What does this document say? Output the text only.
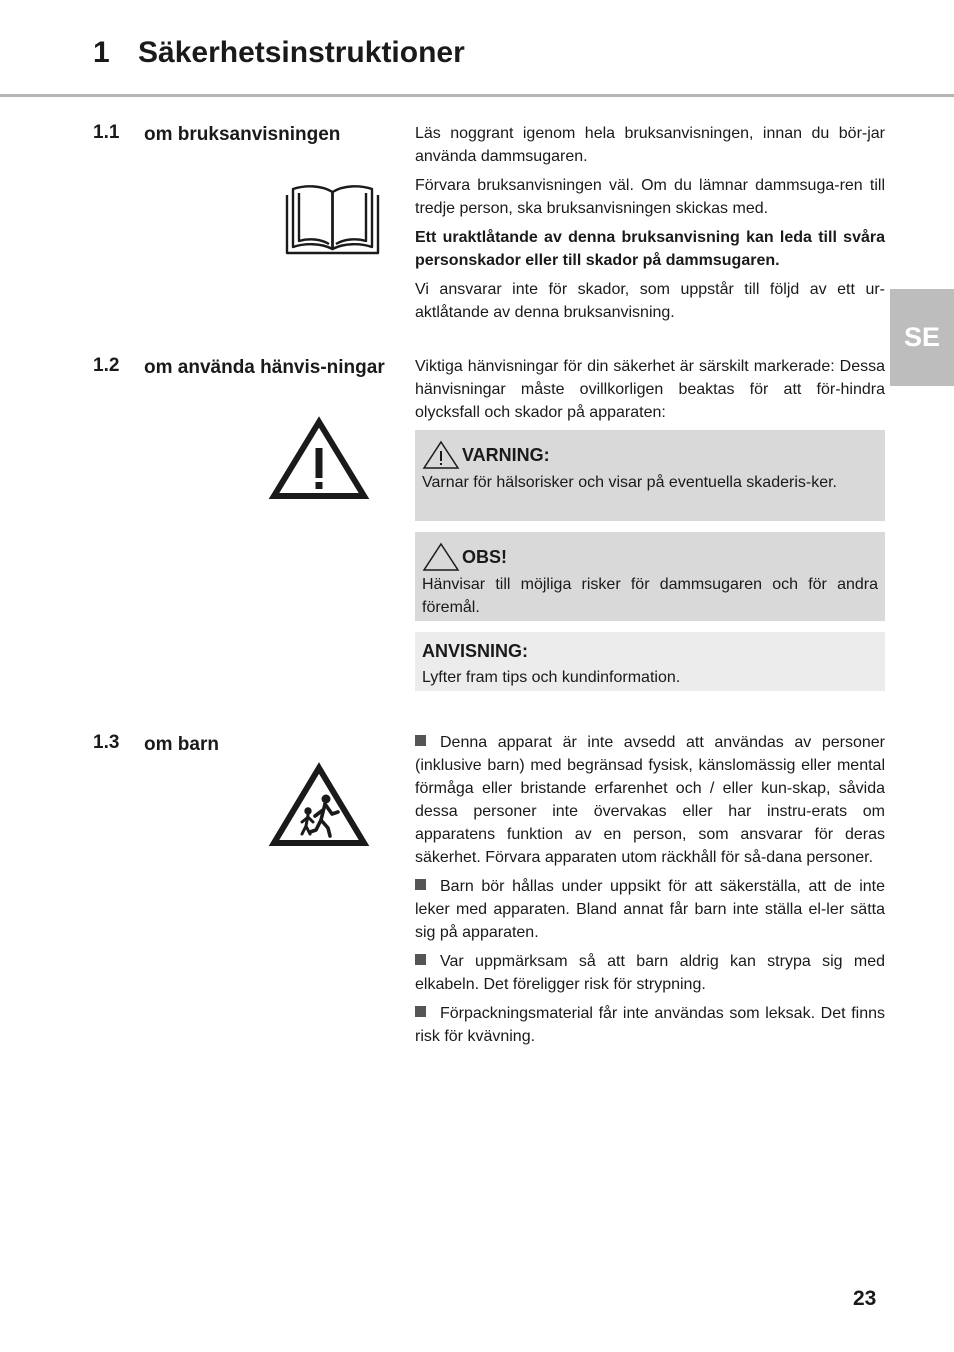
1 Säkerhetsinstruktioner
SE
1.1 om bruksanvisningen	Läs noggrant igenom hela bruksanvisningen, innan du bör-jar använda dammsugaren.

Förvara bruksanvisningen väl. Om du lämnar dammsuga-ren till tredje person, ska bruksanvisningen skickas med.

Ett uraktlåtande av denna bruksanvisning kan leda till svåra personskador eller till skador på dammsugaren.

Vi ansvarar inte för skador, som uppstår till följd av ett ur-aktlåtande av denna bruksanvisning.

1.2 om använda hänvis-ningar	Viktiga hänvisningar för din säkerhet är särskilt markerade: Dessa hänvisningar måste ovillkorligen beaktas för att för-hindra olycksfall och skador på apparaten:
VARNING:
Varnar för hälsorisker och visar på eventuella skaderis-ker.
OBS!
Hänvisar till möjliga risker för dammsugaren och för andra föremål.
ANVISNING:
Lyfter fram tips och kundinformation.
1.3 om barn	Denna apparat är inte avsedd att användas av personer (inklusive barn) med begränsad fysisk, känslomässig eller mental förmåga eller bristande erfarenhet och / eller kun-skap, såvida dessa personer inte övervakas eller har instru-erats om apparatens funktion av en person, som ansvarar för deras säkerhet. Förvara apparaten utom räckhåll för så-dana personer.

Barn bör hållas under uppsikt för att säkerställa, att de inte leker med apparaten. Bland annat får barn inte ställa el-ler sätta sig på apparaten.

Var uppmärksam så att barn aldrig kan strypa sig med elkabeln. Det föreligger risk för strypning.

Förpackningsmaterial får inte användas som leksak. Det finns risk för kvävning.

23
